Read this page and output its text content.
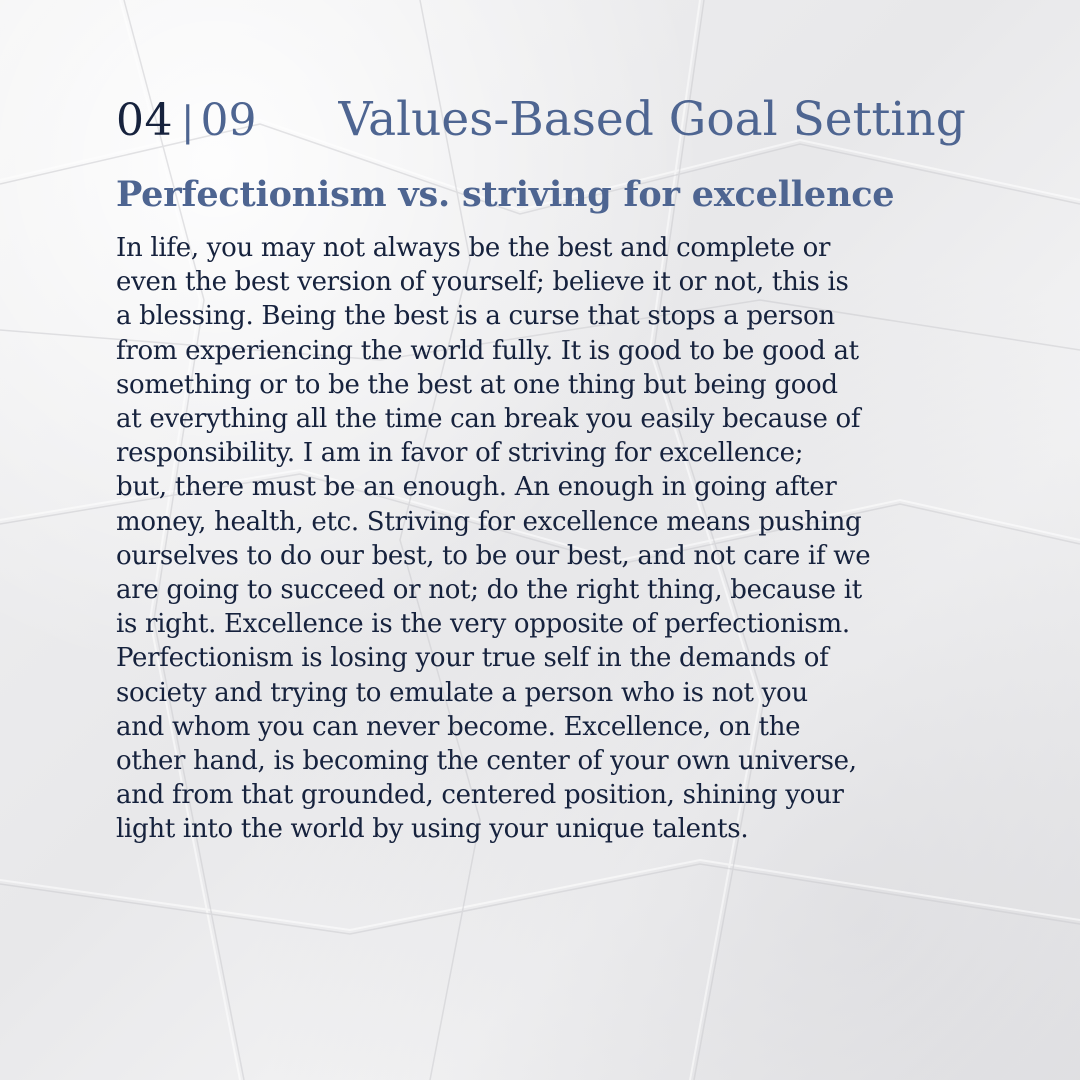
04 | 09 Values-Based Goal Setting
Perfectionism vs. striving for excellence
In life, you may not always be the best and complete or
even the best version of yourself; believe it or not, this is
a blessing. Being the best is a curse that stops a person
from experiencing the world fully. It is good to be good at
something or to be the best at one thing but being good
at everything all the time can break you easily because of
responsibility. I am in favor of striving for excellence;
but, there must be an enough. An enough in going after
money, health, etc. Striving for excellence means pushing
ourselves to do our best, to be our best, and not care if we
are going to succeed or not; do the right thing, because it
is right. Excellence is the very opposite of perfectionism.
Perfectionism is losing your true self in the demands of
society and trying to emulate a person who is not you
and whom you can never become. Excellence, on the
other hand, is becoming the center of your own universe,
and from that grounded, centered position, shining your
light into the world by using your unique talents.
